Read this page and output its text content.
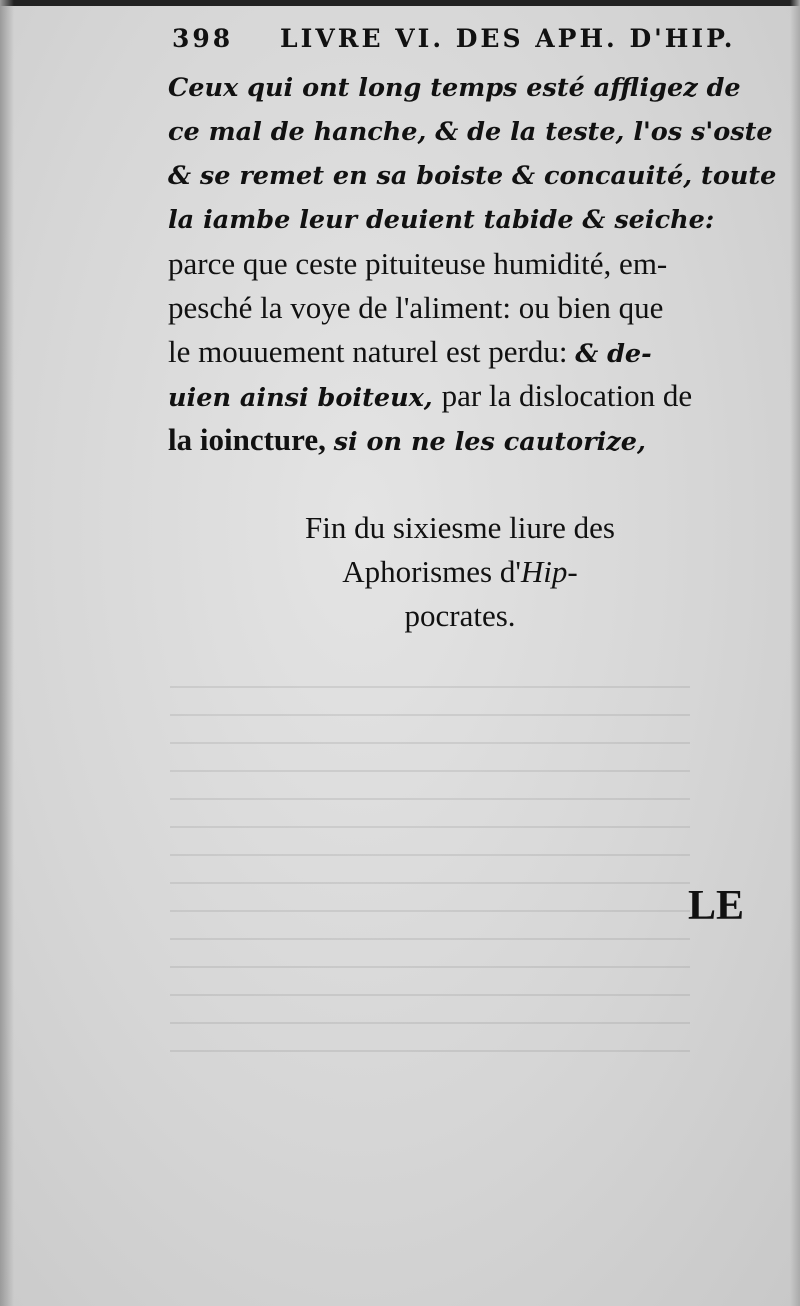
398 LIVRE VI. DES APH. D'HIP.
Ceux qui ont long temps esté affligez de
ce mal de hanche, & de la teste, l'os s'oste
& se remet en sa boiste & concauité, toute
la iambe leur deuient tabide & seiche:
parce que ceste pituiteuse humidité, em-
pesché la voye de l'aliment: ou bien que
le mouuement naturel est perdu: & de-
uien ainsi boiteux, par la dislocation de
la ioincture, si on ne les cautorize,
Fin du sixiesme liure des
Aphorismes d'Hip-
pocrates.
LE
